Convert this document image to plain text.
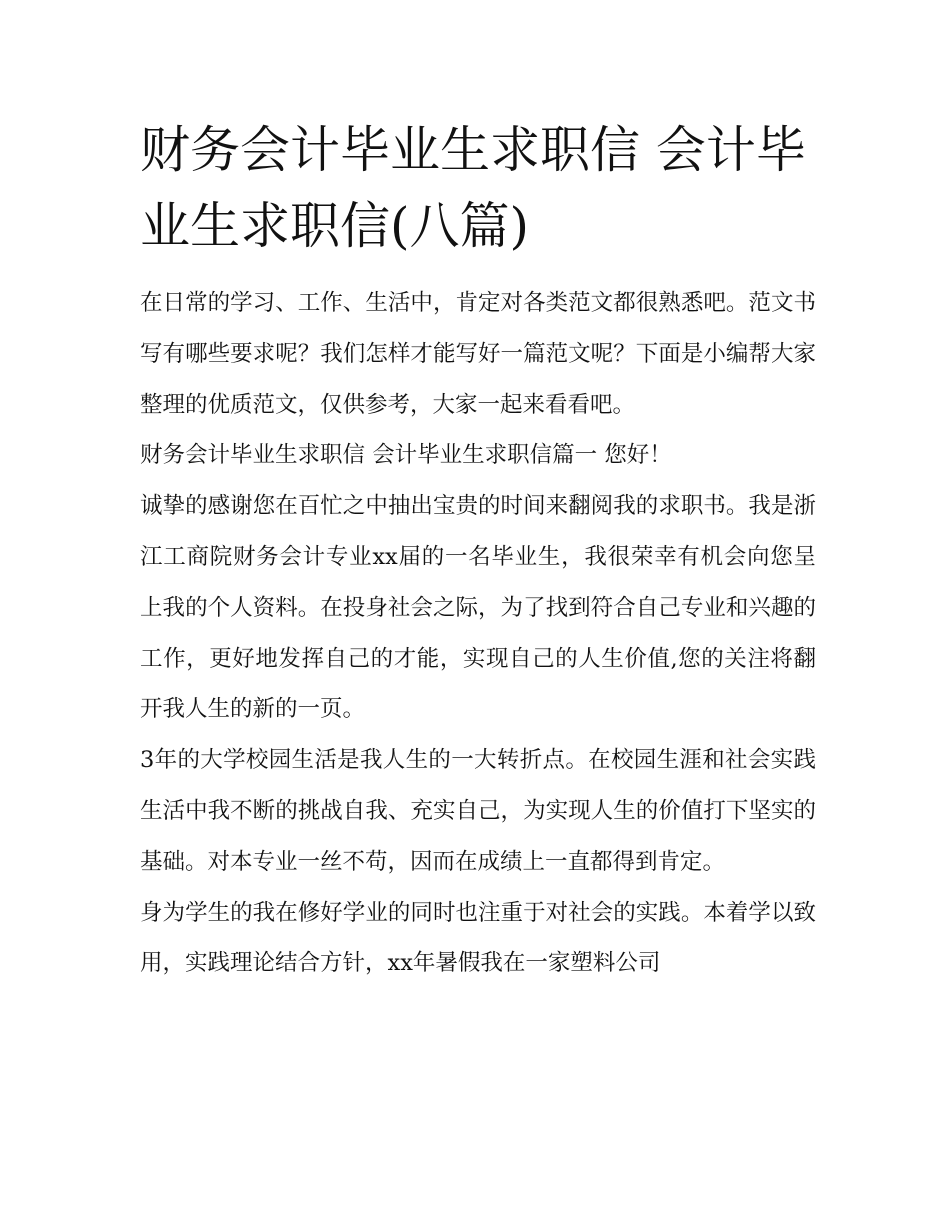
财务会计毕业生求职信 会计毕业生求职信(八篇)

在日常的学习、工作、生活中，肯定对各类范文都很熟悉吧。范文书写有哪些要求呢？我们怎样才能写好一篇范文呢？下面是小编帮大家整理的优质范文，仅供参考，大家一起来看看吧。

财务会计毕业生求职信 会计毕业生求职信篇一 您好！

诚挚的感谢您在百忙之中抽出宝贵的时间来翻阅我的求职书。我是浙江工商院财务会计专业xx届的一名毕业生，我很荣幸有机会向您呈上我的个人资料。在投身社会之际，为了找到符合自己专业和兴趣的工作，更好地发挥自己的才能，实现自己的人生价值,您的关注将翻开我人生的新的一页。

3年的大学校园生活是我人生的一大转折点。在校园生涯和社会实践生活中我不断的挑战自我、充实自己，为实现人生的价值打下坚实的基础。对本专业一丝不苟，因而在成绩上一直都得到肯定。

身为学生的我在修好学业的同时也注重于对社会的实践。本着学以致用，实践理论结合方针，xx年暑假我在一家塑料公司
